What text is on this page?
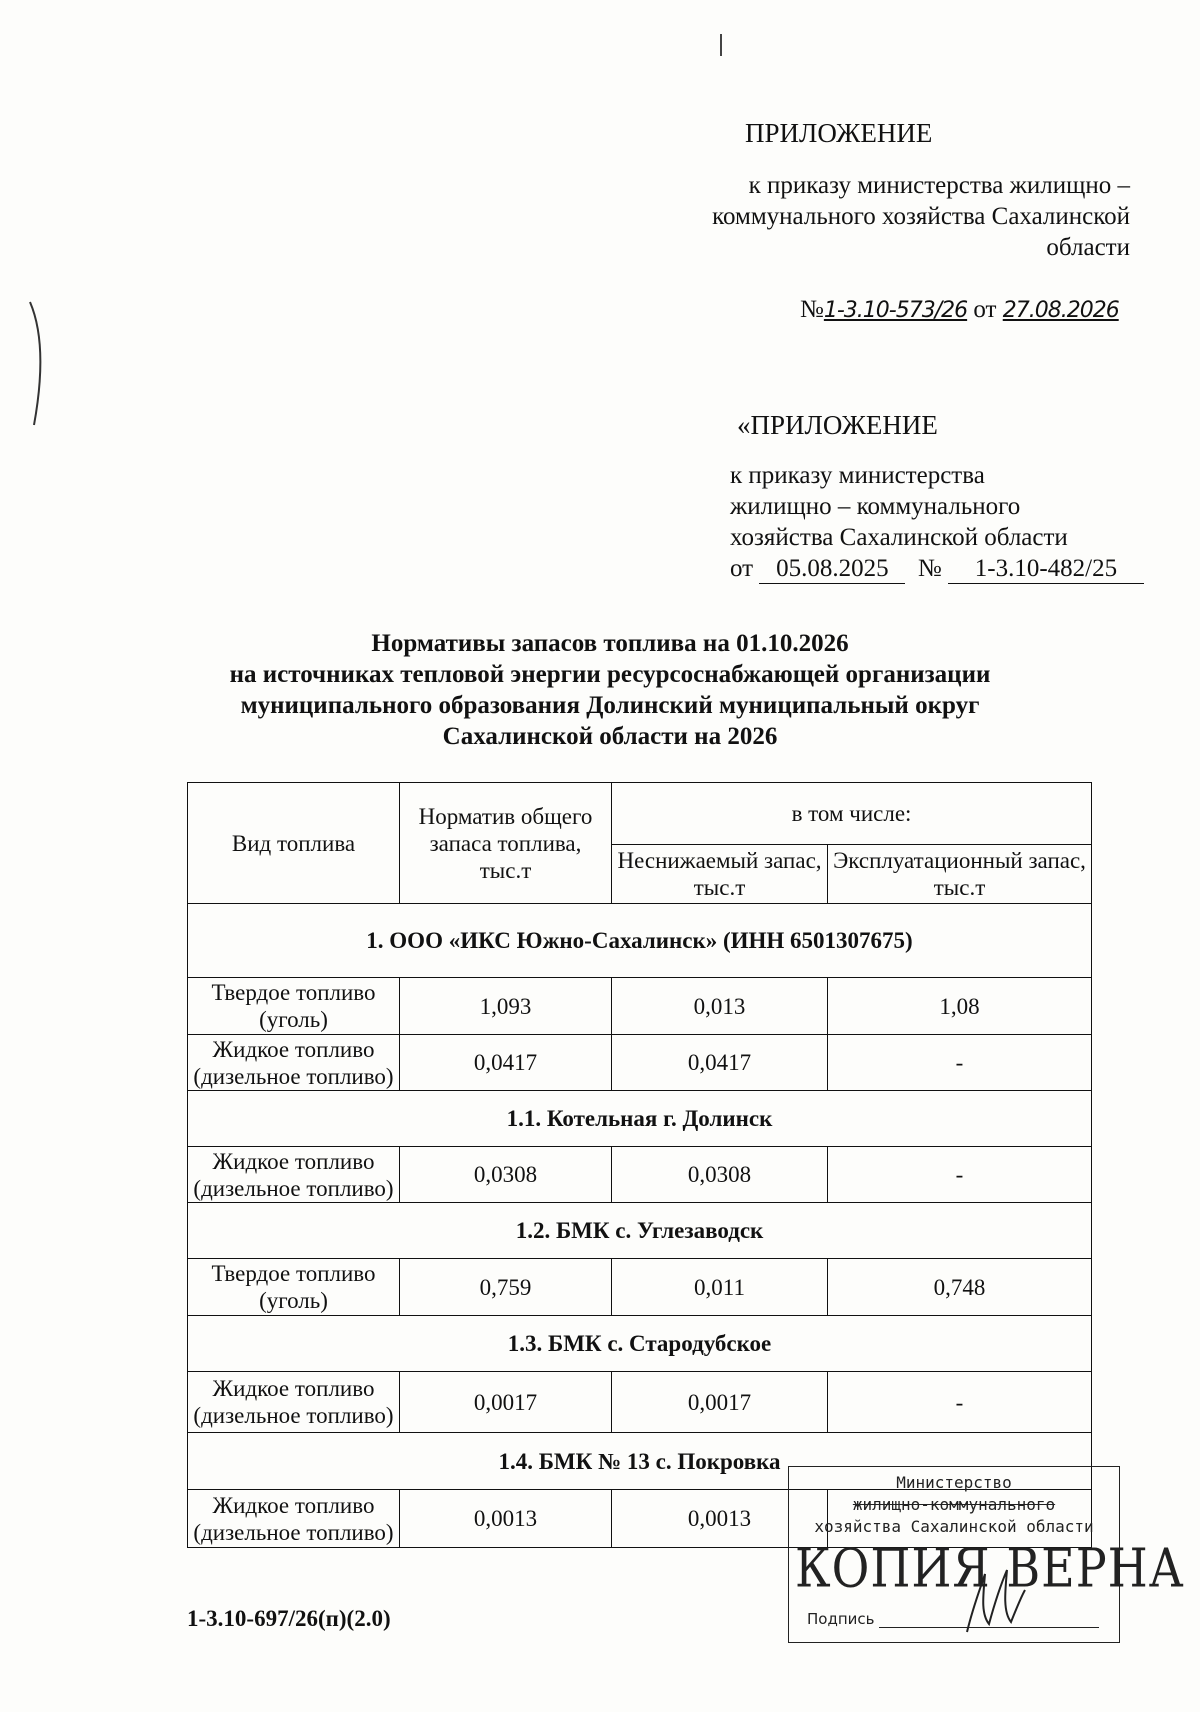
ПРИЛОЖЕНИЕ
к приказу министерства жилищно –
коммунального хозяйства Сахалинской
области
№1-3.10-573/26 от 27.08.2026
«ПРИЛОЖЕНИЕ
к приказу министерства
жилищно – коммунального
хозяйства Сахалинской области
от 05.08.2025 № 1-3.10-482/25
Нормативы запасов топлива на 01.10.2026
на источниках тепловой энергии ресурсоснабжающей организации
муниципального образования Долинский муниципальный округ
Сахалинской области на 2026
Вид топлива	Норматив общего запаса топлива, тыс.т	в том числе:	
		Неснижаемый запас, тыс.т	Эксплуатационный запас, тыс.т
1. ООО «ИКС Южно-Сахалинск» (ИНН 6501307675)			
Твердое топливо (уголь)	1,093	0,013	1,08
Жидкое топливо (дизельное топливо)	0,0417	0,0417	-
1.1. Котельная г. Долинск			
Жидкое топливо (дизельное топливо)	0,0308	0,0308	-
1.2. БМК с. Углезаводск			
Твердое топливо (уголь)	0,759	0,011	0,748
1.3. БМК с. Стародубское			
Жидкое топливо (дизельное топливо)	0,0017	0,0017	-
1.4. БМК № 13 с. Покровка			
Жидкое топливо (дизельное топливо)	0,0013	0,0013	
1-3.10-697/26(п)(2.0)
Министерство
жилищно-коммунального
хозяйства Сахалинской области
КОПИЯ ВЕРНА
Подпись
